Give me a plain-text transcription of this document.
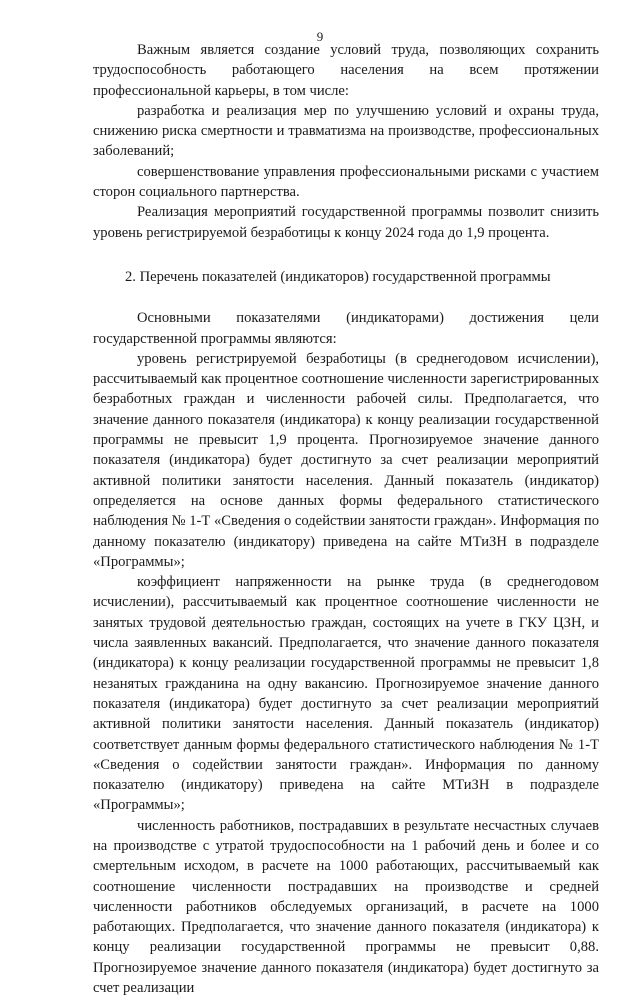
9

Важным является создание условий труда, позволяющих сохранить трудоспособность работающего населения на всем протяжении профессиональной карьеры, в том числе:

разработка и реализация мер по улучшению условий и охраны труда, снижению риска смертности и травматизма на производстве, профессиональных заболеваний;

совершенствование управления профессиональными рисками с участием сторон социального партнерства.

Реализация мероприятий государственной программы позволит снизить уровень регистрируемой безработицы к концу 2024 года до 1,9 процента.

2. Перечень показателей (индикаторов) государственной программы

Основными показателями (индикаторами) достижения цели государственной программы являются:

уровень регистрируемой безработицы (в среднегодовом исчислении), рассчитываемый как процентное соотношение численности зарегистрированных безработных граждан и численности рабочей силы. Предполагается, что значение данного показателя (индикатора) к концу реализации государственной программы не превысит 1,9 процента. Прогнозируемое значение данного показателя (индикатора) будет достигнуто за счет реализации мероприятий активной политики занятости населения. Данный показатель (индикатор) определяется на основе данных формы федерального статистического наблюдения № 1-Т «Сведения о содействии занятости граждан». Информация по данному показателю (индикатору) приведена на сайте МТиЗН в подразделе «Программы»;

коэффициент напряженности на рынке труда (в среднегодовом исчислении), рассчитываемый как процентное соотношение численности не занятых трудовой деятельностью граждан, состоящих на учете в ГКУ ЦЗН, и числа заявленных вакансий. Предполагается, что значение данного показателя (индикатора) к концу реализации государственной программы не превысит 1,8 незанятых гражданина на одну вакансию. Прогнозируемое значение данного показателя (индикатора) будет достигнуто за счет реализации мероприятий активной политики занятости населения. Данный показатель (индикатор) соответствует данным формы федерального статистического наблюдения № 1-Т «Сведения о содействии занятости граждан». Информация по данному показателю (индикатору) приведена на сайте МТиЗН в подразделе «Программы»;

численность работников, пострадавших в результате несчастных случаев на производстве с утратой трудоспособности на 1 рабочий день и более и со смертельным исходом, в расчете на 1000 работающих, рассчитываемый как соотношение численности пострадавших на производстве и средней численности работников обследуемых организаций, в расчете на 1000 работающих. Предполагается, что значение данного показателя (индикатора) к концу реализации государственной программы не превысит 0,88. Прогнозируемое значение данного показателя (индикатора) будет достигнуто за счет реализации
